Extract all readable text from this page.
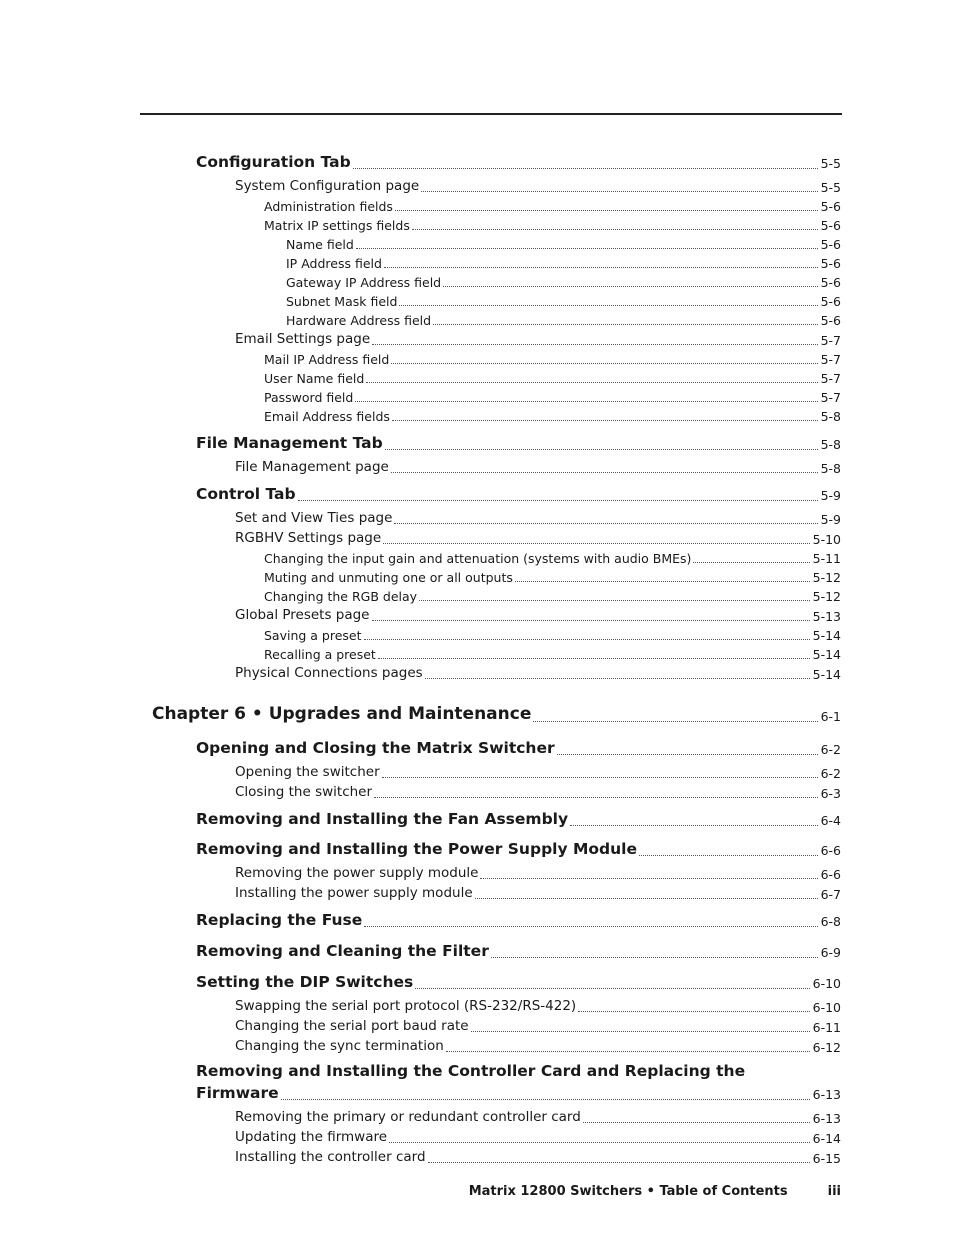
Configuration Tab	5-5
System Configuration page	5-5
Administration fields	5-6
Matrix IP settings fields	5-6
Name field	5-6
IP Address field	5-6
Gateway IP Address field	5-6
Subnet Mask field	5-6
Hardware Address field	5-6
Email Settings page	5-7
Mail IP Address field	5-7
User Name field	5-7
Password field	5-7
Email Address fields	5-8
File Management Tab	5-8
File Management page	5-8
Control Tab	5-9
Set and View Ties page	5-9
RGBHV Settings page	5-10
Changing the input gain and attenuation (systems with audio BMEs)	5-11
Muting and unmuting one or all outputs	5-12
Changing the RGB delay	5-12
Global Presets page	5-13
Saving a preset	5-14
Recalling a preset	5-14
Physical Connections pages	5-14
Chapter 6 • Upgrades and Maintenance	6-1
Opening and Closing the Matrix Switcher	6-2
Opening the switcher	6-2
Closing the switcher	6-3
Removing and Installing the Fan Assembly	6-4
Removing and Installing the Power Supply Module	6-6
Removing the power supply module	6-6
Installing the power supply module	6-7
Replacing the Fuse	6-8
Removing and Cleaning the Filter	6-9
Setting the DIP Switches	6-10
Swapping the serial port protocol (RS-232/RS-422)	6-10
Changing the serial port baud rate	6-11
Changing the sync termination	6-12
Removing and Installing the Controller Card and Replacing the
Firmware	6-13
Removing the primary or redundant controller card	6-13
Updating the firmware	6-14
Installing the controller card	6-15
Matrix 12800 Switchers • Table of Contents	iii
